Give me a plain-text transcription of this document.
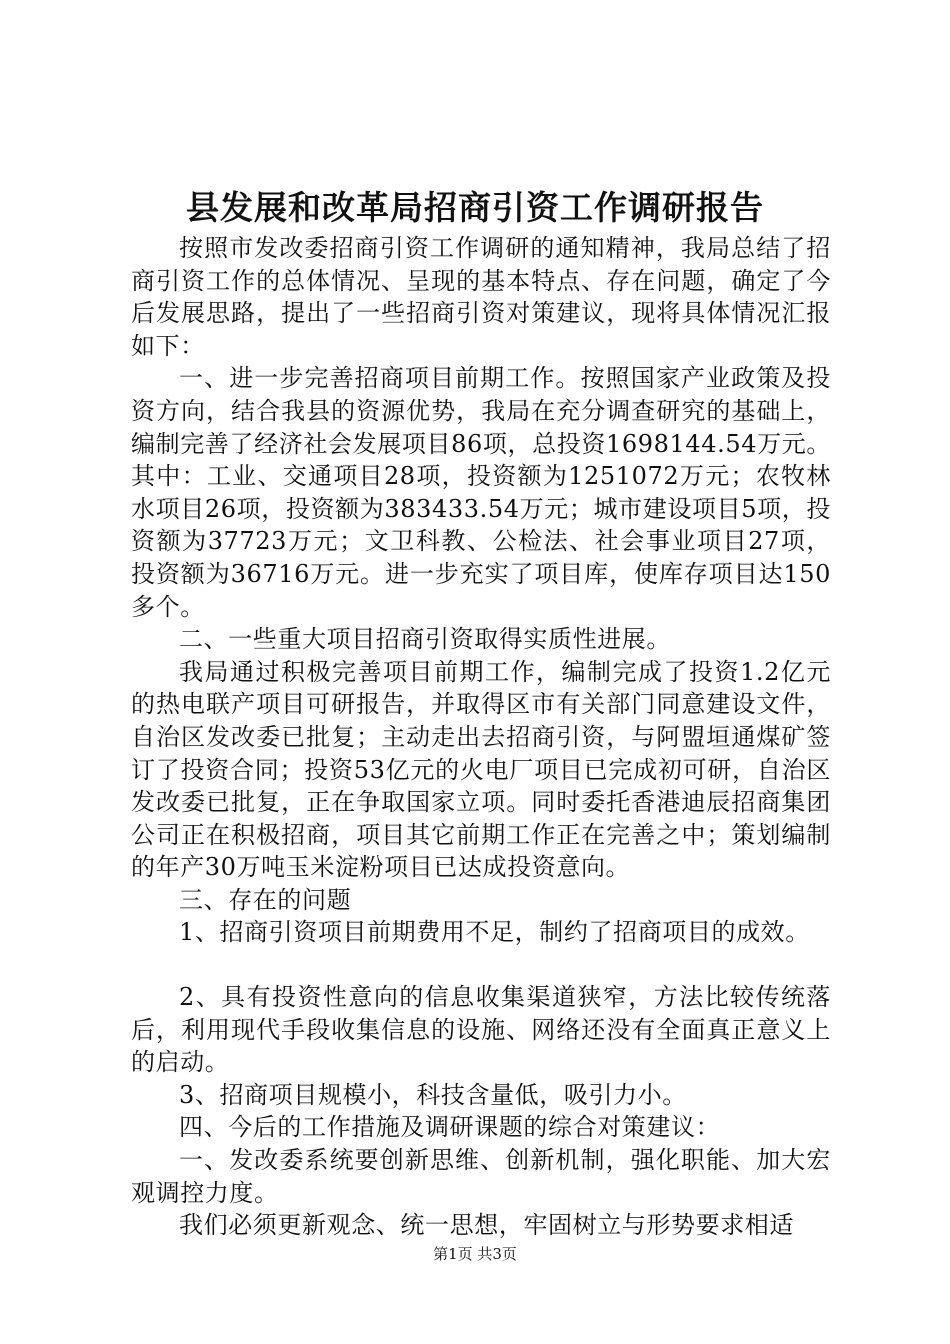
县发展和改革局招商引资工作调研报告

按照市发改委招商引资工作调研的通知精神，我局总结了招商引资工作的总体情况、呈现的基本特点、存在问题，确定了今后发展思路，提出了一些招商引资对策建议，现将具体情况汇报如下：

一、进一步完善招商项目前期工作。按照国家产业政策及投资方向，结合我县的资源优势，我局在充分调查研究的基础上，编制完善了经济社会发展项目86项，总投资1698144.54万元。其中：工业、交通项目28项，投资额为1251072万元；农牧林水项目26项，投资额为383433.54万元；城市建设项目5项，投资额为37723万元；文卫科教、公检法、社会事业项目27项，投资额为36716万元。进一步充实了项目库，使库存项目达150多个。

二、一些重大项目招商引资取得实质性进展。

我局通过积极完善项目前期工作，编制完成了投资1.2亿元的热电联产项目可研报告，并取得区市有关部门同意建设文件，自治区发改委已批复；主动走出去招商引资，与阿盟垣通煤矿签订了投资合同；投资53亿元的火电厂项目已完成初可研，自治区发改委已批复，正在争取国家立项。同时委托香港迪辰招商集团公司正在积极招商，项目其它前期工作正在完善之中；策划编制的年产30万吨玉米淀粉项目已达成投资意向。

三、存在的问题

1、招商引资项目前期费用不足，制约了招商项目的成效。

2、具有投资性意向的信息收集渠道狭窄，方法比较传统落后，利用现代手段收集信息的设施、网络还没有全面真正意义上的启动。

3、招商项目规模小，科技含量低，吸引力小。

四、今后的工作措施及调研课题的综合对策建议：

一、发改委系统要创新思维、创新机制，强化职能、加大宏观调控力度。

我们必须更新观念、统一思想，牢固树立与形势要求相适

第1页 共3页
